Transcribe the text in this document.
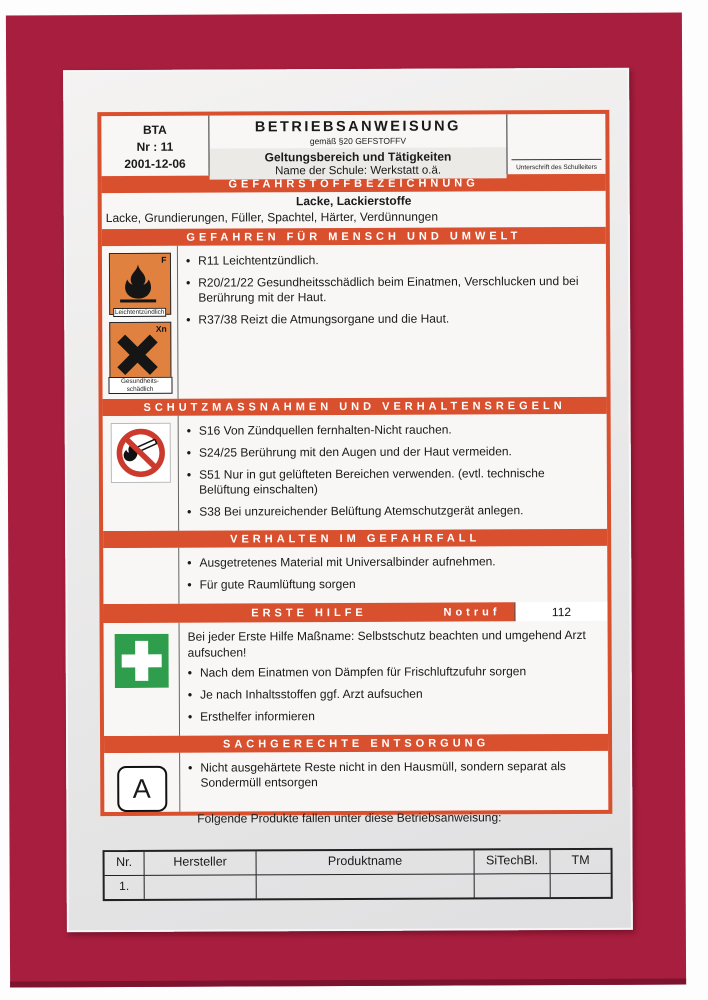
BTA
Nr : 11
2001-12-06
BETRIEBSANWEISUNG
gemäß §20 GEFSTOFFV
Geltungsbereich und Tätigkeiten
Name der Schule: Werkstatt o.ä.	Unterschrift des Schulleiters
GEFAHRSTOFFBEZEICHNUNG
Lacke, Lackierstoffe
Lacke, Grundierungen, Füller, Spachtel, Härter, Verdünnungen
GEFAHREN FÜR MENSCH UND UMWELT
F
Leichtentzündlich
Xn
Gesundheits-schädlich
• R11 Leichtentzündlich.
• R20/21/22 Gesundheitsschädlich beim Einatmen, Verschlucken und bei Berührung mit der Haut.
• R37/38 Reizt die Atmungsorgane und die Haut.
SCHUTZMASSNAHMEN UND VERHALTENSREGELN
• S16 Von Zündquellen fernhalten-Nicht rauchen.
• S24/25 Berührung mit den Augen und der Haut vermeiden.
• S51 Nur in gut gelüfteten Bereichen verwenden. (evtl. technische Belüftung einschalten)
• S38 Bei unzureichender Belüftung Atemschutzgerät anlegen.
VERHALTEN IM GEFAHRFALL
• Ausgetretenes Material mit Universalbinder aufnehmen.
• Für gute Raumlüftung sorgen
ERSTE HILFE	Notruf	112
Bei jeder Erste Hilfe Maßname: Selbstschutz beachten und umgehend Arzt aufsuchen!
• Nach dem Einatmen von Dämpfen für Frischluftzufuhr sorgen
• Je nach Inhaltsstoffen ggf. Arzt aufsuchen
• Ersthelfer informieren
SACHGERECHTE ENTSORGUNG
A
• Nicht ausgehärtete Reste nicht in den Hausmüll, sondern separat als Sondermüll entsorgen
Folgende Produkte fallen unter diese Betriebsanweisung:
Nr.	Hersteller	Produktname	SiTechBl.	TM
1.
